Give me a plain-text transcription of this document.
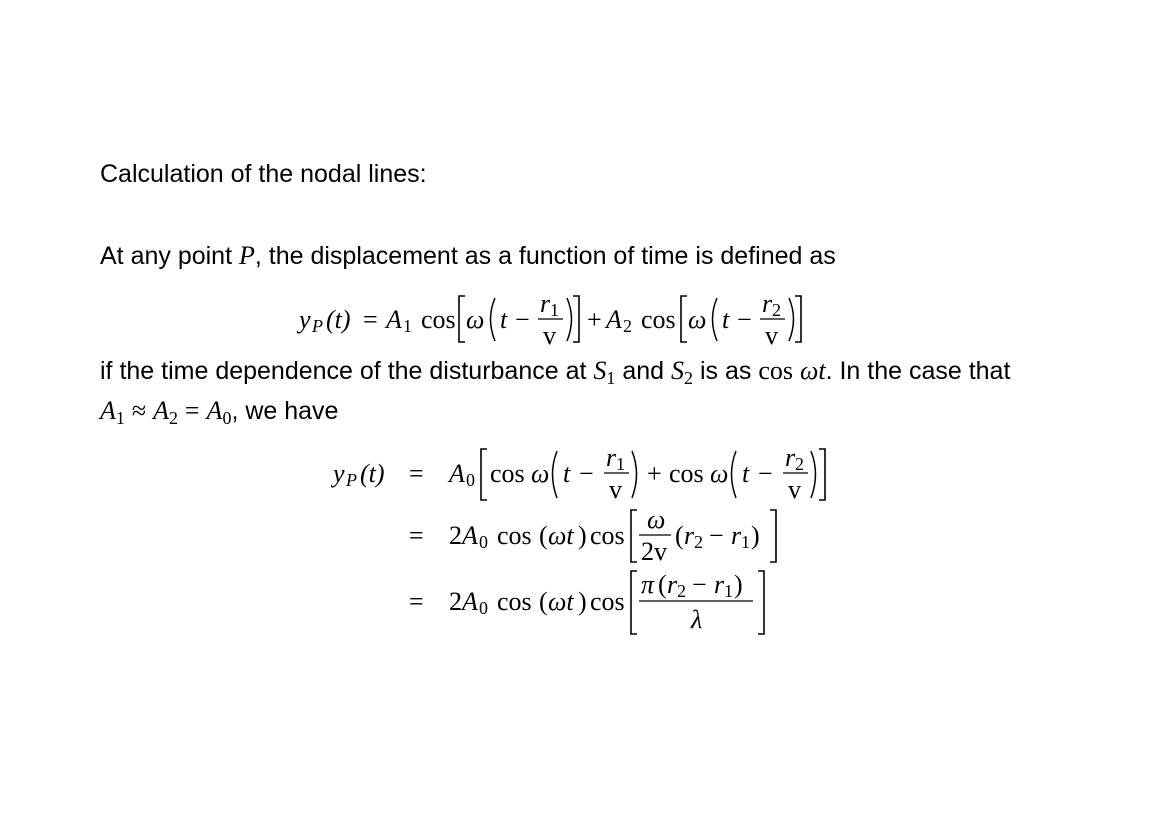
Calculation of the nodal lines:
At any point P, the displacement as a function of time is defined as
y P (t) = A 1 cos ω t −
r 1
v
+ A 2 cos ω t −
r 2
v
if the time dependence of the disturbance at $S_1$ and $S_2$ is as cos ωt. In the case that
$A_1 \approx A_2 = A_0$, we have
y P (t) = A 0 cos ω t −
r 1
v
+ cos ω t −
r 2
v
= 2 A 0 cos ( ωt ) cos
ω
2v
( r 2 − r 1 )
= 2 A 0 cos ( ωt ) cos
π ( r 2 − r 1 )
λ
